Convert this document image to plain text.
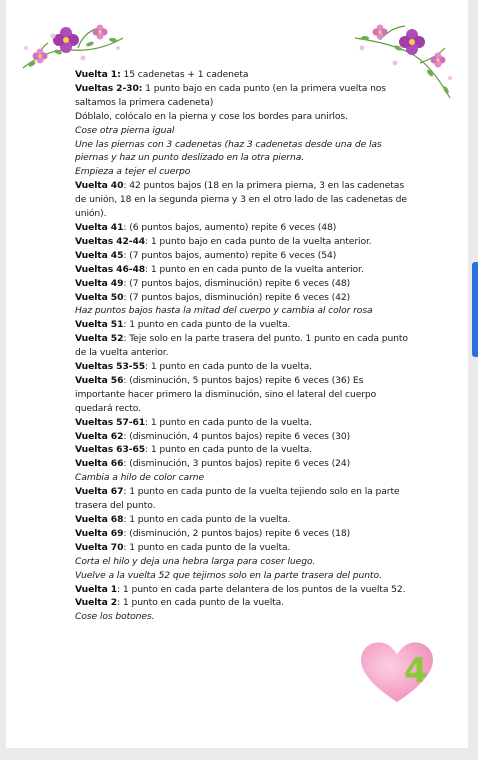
Vuelta 1: 15 cadenetas + 1 cadeneta

Vueltas 2-30: 1 punto bajo en cada punto (en la primera vuelta nos saltamos la primera cadeneta)

Dóblalo, colócalo en la pierna y cose los bordes para unirlos.

Cose otra pierna igual

Une las piernas con 3 cadenetas (haz 3 cadenetas desde una de las piernas y haz un punto deslizado en la otra pierna.

Empieza a tejer el cuerpo

Vuelta 40: 42 puntos bajos (18 en la primera pierna, 3 en las cadenetas de unión, 18 en la segunda pierna y 3 en el otro lado de las cadenetas de unión).

Vuelta 41: (6 puntos bajos, aumento) repite 6 veces (48)

Vueltas 42-44: 1 punto bajo en cada punto de la vuelta anterior.

Vuelta 45: (7 puntos bajos, aumento) repite 6 veces (54)

Vueltas 46-48: 1 punto en en cada punto de la vuelta anterior.

Vuelta 49: (7 puntos bajos, disminución) repite 6 veces (48)

Vuelta 50: (7 puntos bajos, disminución) repite 6 veces (42)

Haz puntos bajos hasta la mitad del cuerpo y cambia al color rosa

Vuelta 51: 1 punto en cada punto de la vuelta.

Vuelta 52: Teje solo en la parte trasera del punto. 1 punto en cada punto de la vuelta anterior.

Vueltas 53-55: 1 punto en cada punto de la vuelta.

Vuelta 56: (disminución, 5 puntos bajos) repite 6 veces (36) Es importante hacer primero la disminución, sino el lateral del cuerpo quedará recto.

Vueltas 57-61: 1 punto en cada punto de la vuelta.

Vuelta 62: (disminución, 4 puntos bajos) repite 6 veces (30)

Vueltas 63-65: 1 punto en cada punto de la vuelta.

Vuelta 66: (disminución, 3 puntos bajos) repite 6 veces (24)

Cambia a hilo de color carne

Vuelta 67: 1 punto en cada punto de la vuelta tejiendo solo en la parte trasera del punto.

Vuelta 68: 1 punto en cada punto de la vuelta.

Vuelta 69: (disminución, 2 puntos bajos) repite 6 veces (18)

Vuelta 70: 1 punto en cada punto de la vuelta.

Corta el hilo y deja una hebra larga para coser luego.

Vuelve a la vuelta 52 que tejimos solo en la parte trasera del punto.

Vuelta 1: 1 punto en cada parte delantera de los puntos de la vuelta 52.

Vuelta 2: 1 punto en cada punto de la vuelta.

Cose los botones.

4
